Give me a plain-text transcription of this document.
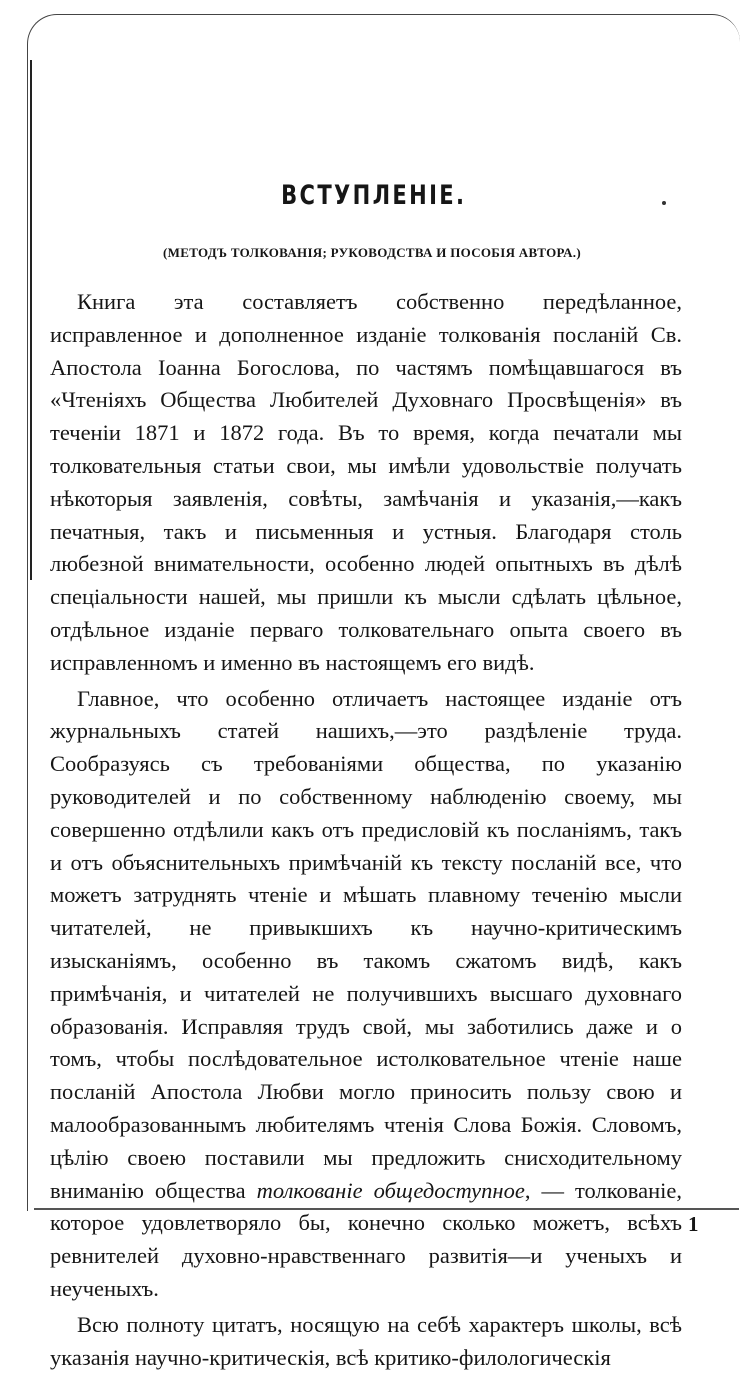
ВСТУПЛЕНІЕ.

(МЕТОДЪ ТОЛКОВАНІЯ; РУКОВОДСТВА И ПОСОБІЯ АВТОРА.)

Книга эта составляетъ собственно передѣланное, исправленное и дополненное изданіе толкованія посланій Св. Апостола Іоанна Богослова, по частямъ помѣщавшагося въ «Чтеніяхъ Общества Любителей Духовнаго Просвѣщенія» въ теченіи 1871 и 1872 года. Въ то время, когда печатали мы толковательныя статьи свои, мы имѣли удовольствіе получать нѣкоторыя заявленія, совѣты, замѣчанія и указанія,—какъ печатныя, такъ и письменныя и устныя. Благодаря столь любезной внимательности, особенно людей опытныхъ въ дѣлѣ спеціальности нашей, мы пришли къ мысли сдѣлать цѣльное, отдѣльное изданіе перваго толковательнаго опыта своего въ исправленномъ и именно въ настоящемъ его видѣ.

Главное, что особенно отличаетъ настоящее изданіе отъ журнальныхъ статей нашихъ,—это раздѣленіе труда. Сообразуясь съ требованіями общества, по указанію руководителей и по собственному наблюденію своему, мы совершенно отдѣлили какъ отъ предисловій къ посланіямъ, такъ и отъ объяснительныхъ примѣчаній къ тексту посланій все, что можетъ затруднять чтеніе и мѣшать плавному теченію мысли читателей, не привыкшихъ къ научно-критическимъ изысканіямъ, особенно въ такомъ сжатомъ видѣ, какъ примѣчанія, и читателей не получившихъ высшаго духовнаго образованія. Исправляя трудъ свой, мы заботились даже и о томъ, чтобы послѣдовательное истолковательное чтеніе наше посланій Апостола Любви могло приносить пользу свою и малообразованнымъ любителямъ чтенія Слова Божія. Словомъ, цѣлію своею поставили мы предложить снисходительному вниманію общества толкованіе общедоступное, — толкованіе, которое удовлетворяло бы, конечно сколько можетъ, всѣхъ ревнителей духовно-нравственнаго развитія—и ученыхъ и неученыхъ.

Всю полноту цитатъ, носящую на себѣ характеръ школы, всѣ указанія научно-критическія, всѣ критико-филологическія

1
